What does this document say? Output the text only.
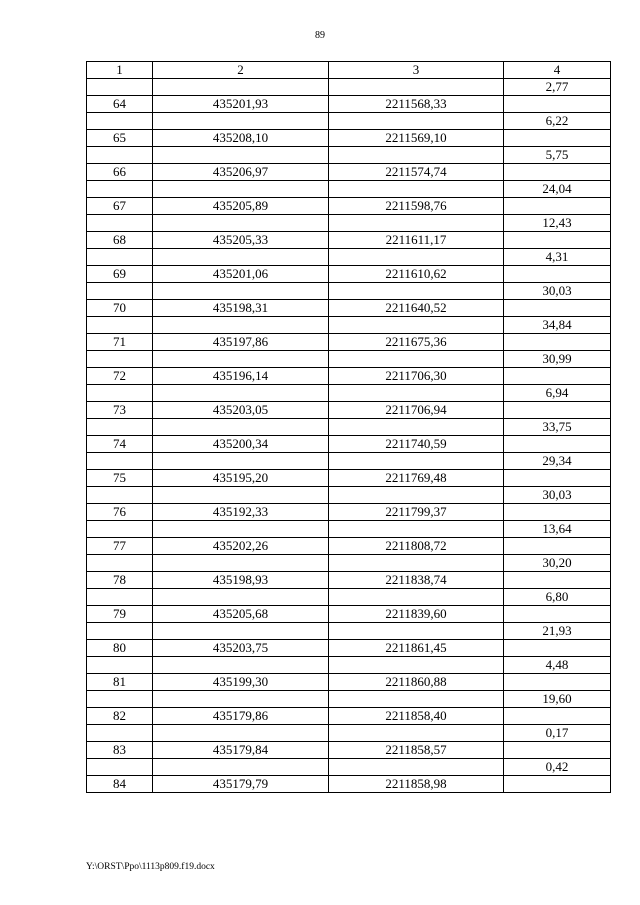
89
1	2	3	4
			2,77
64	435201,93	2211568,33	
			6,22
65	435208,10	2211569,10	
			5,75
66	435206,97	2211574,74	
			24,04
67	435205,89	2211598,76	
			12,43
68	435205,33	2211611,17	
			4,31
69	435201,06	2211610,62	
			30,03
70	435198,31	2211640,52	
			34,84
71	435197,86	2211675,36	
			30,99
72	435196,14	2211706,30	
			6,94
73	435203,05	2211706,94	
			33,75
74	435200,34	2211740,59	
			29,34
75	435195,20	2211769,48	
			30,03
76	435192,33	2211799,37	
			13,64
77	435202,26	2211808,72	
			30,20
78	435198,93	2211838,74	
			6,80
79	435205,68	2211839,60	
			21,93
80	435203,75	2211861,45	
			4,48
81	435199,30	2211860,88	
			19,60
82	435179,86	2211858,40	
			0,17
83	435179,84	2211858,57	
			0,42
84	435179,79	2211858,98	
Y:\ORST\Ppo\1113p809.f19.docx
